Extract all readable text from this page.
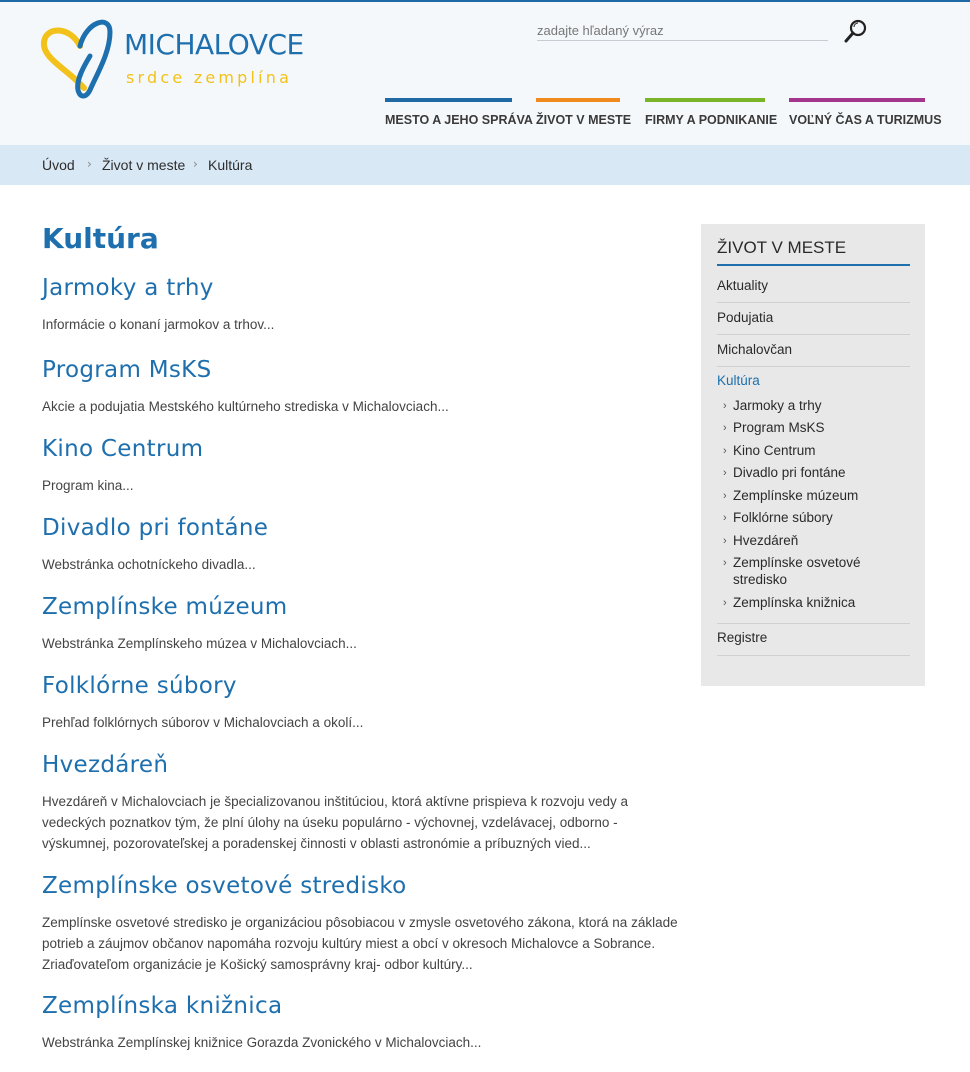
MICHALOVCE
srdce zemplína
zadajte hľadaný výraz
MESTO A JEHO SPRÁVA ŽIVOT V MESTE FIRMY A PODNIKANIE VOĽNÝ ČAS A TURIZMUS
Úvod › Život v meste › Kultúra
Kultúra
Jarmoky a trhy

Informácie o konaní jarmokov a trhov...

Program MsKS

Akcie a podujatia Mestského kultúrneho strediska v Michalovciach...

Kino Centrum

Program kina...

Divadlo pri fontáne

Webstránka ochotníckeho divadla...

Zemplínske múzeum

Webstránka Zemplínskeho múzea v Michalovciach...

Folklórne súbory

Prehľad folklórnych súborov v Michalovciach a okolí...

Hvezdáreň

Hvezdáreň v Michalovciach je špecializovanou inštitúciou, ktorá aktívne prispieva k rozvoju vedy a vedeckých poznatkov tým, že plní úlohy na úseku populárno - výchovnej, vzdelávacej, odborno - výskumnej, pozorovateľskej a poradenskej činnosti v oblasti astronómie a príbuzných vied...

Zemplínske osvetové stredisko

Zemplínske osvetové stredisko je organizáciou pôsobiacou v zmysle osvetového zákona, ktorá na základe potrieb a záujmov občanov napomáha rozvoju kultúry miest a obcí v okresoch Michalovce a Sobrance. Zriaďovateľom organizácie je Košický samosprávny kraj- odbor kultúry...

Zemplínska knižnica

Webstránka Zemplínskej knižnice Gorazda Zvonického v Michalovciach...

ŽIVOT V MESTE
Aktuality
Podujatia
Michalovčan
Kultúra
› Jarmoky a trhy
› Program MsKS
› Kino Centrum
› Divadlo pri fontáne
› Zemplínske múzeum
› Folklórne súbory
› Hvezdáreň
› Zemplínske osvetové stredisko
› Zemplínska knižnica
Registre
